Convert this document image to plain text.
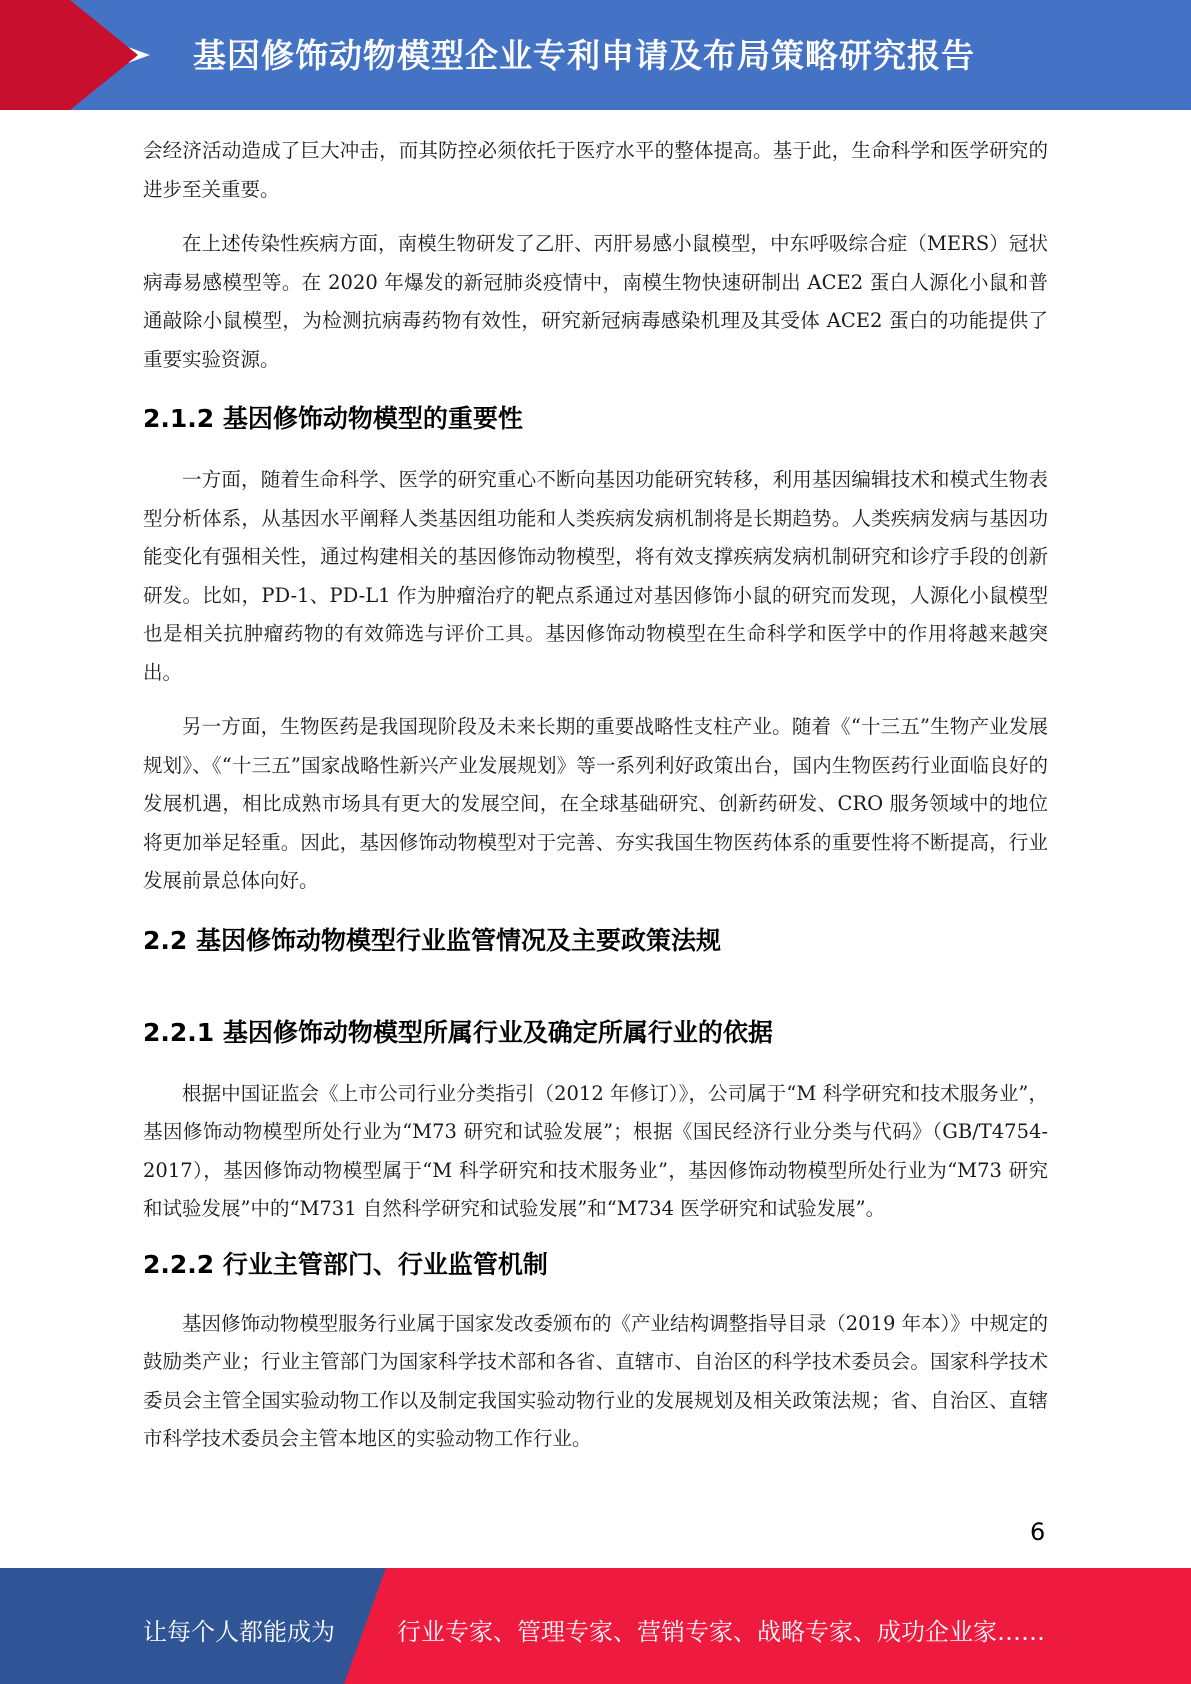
基因修饰动物模型企业专利申请及布局策略研究报告

会经济活动造成了巨大冲击，而其防控必须依托于医疗水平的整体提高。基于此，生命科学和医学研究的进步至关重要。

在上述传染性疾病方面，南模生物研发了乙肝、丙肝易感小鼠模型，中东呼吸综合症（MERS）冠状病毒易感模型等。在 2020 年爆发的新冠肺炎疫情中，南模生物快速研制出 ACE2 蛋白人源化小鼠和普通敲除小鼠模型，为检测抗病毒药物有效性，研究新冠病毒感染机理及其受体 ACE2 蛋白的功能提供了重要实验资源。

2.1.2 基因修饰动物模型的重要性

一方面，随着生命科学、医学的研究重心不断向基因功能研究转移，利用基因编辑技术和模式生物表型分析体系，从基因水平阐释人类基因组功能和人类疾病发病机制将是长期趋势。人类疾病发病与基因功能变化有强相关性，通过构建相关的基因修饰动物模型，将有效支撑疾病发病机制研究和诊疗手段的创新研发。比如，PD-1、PD-L1 作为肿瘤治疗的靶点系通过对基因修饰小鼠的研究而发现，人源化小鼠模型也是相关抗肿瘤药物的有效筛选与评价工具。基因修饰动物模型在生命科学和医学中的作用将越来越突出。

另一方面，生物医药是我国现阶段及未来长期的重要战略性支柱产业。随着《“十三五”生物产业发展规划》、《“十三五”国家战略性新兴产业发展规划》等一系列利好政策出台，国内生物医药行业面临良好的发展机遇，相比成熟市场具有更大的发展空间，在全球基础研究、创新药研发、CRO 服务领域中的地位将更加举足轻重。因此，基因修饰动物模型对于完善、夯实我国生物医药体系的重要性将不断提高，行业发展前景总体向好。

2.2 基因修饰动物模型行业监管情况及主要政策法规
2.2.1 基因修饰动物模型所属行业及确定所属行业的依据

根据中国证监会《上市公司行业分类指引（2012 年修订）》，公司属于“M 科学研究和技术服务业”，基因修饰动物模型所处行业为“M73 研究和试验发展”；根据《国民经济行业分类与代码》（GB/T4754-2017），基因修饰动物模型属于“M 科学研究和技术服务业”，基因修饰动物模型所处行业为“M73 研究和试验发展”中的“M731 自然科学研究和试验发展”和“M734 医学研究和试验发展”。

2.2.2 行业主管部门、行业监管机制

基因修饰动物模型服务行业属于国家发改委颁布的《产业结构调整指导目录（2019 年本）》中规定的鼓励类产业；行业主管部门为国家科学技术部和各省、直辖市、自治区的科学技术委员会。国家科学技术委员会主管全国实验动物工作以及制定我国实验动物行业的发展规划及相关政策法规；省、自治区、直辖市科学技术委员会主管本地区的实验动物工作行业。

6
让每个人都能成为	行业专家、管理专家、营销专家、战略专家、成功企业家……
